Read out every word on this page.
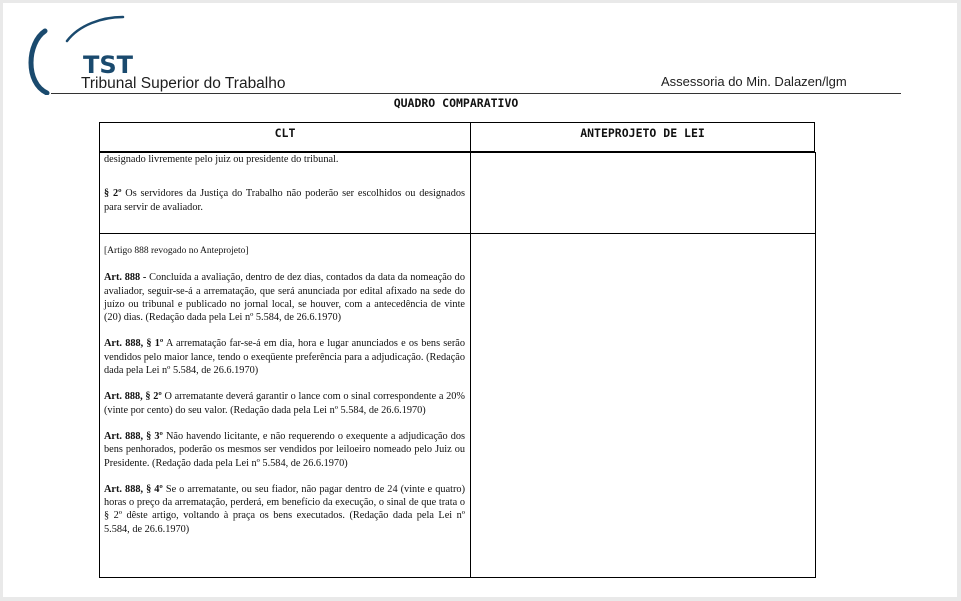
TST
Tribunal Superior do Trabalho	Assessoria do Min. Dalazen/lgm
QUADRO COMPARATIVO
CLT	ANTEPROJETO DE LEI

designado livremente pelo juiz ou presidente do tribunal.

§ 2º Os servidores da Justiça do Trabalho não poderão ser escolhidos ou designados para servir de avaliador.

[Artigo 888 revogado no Anteprojeto]

Art. 888 - Concluída a avaliação, dentro de dez dias, contados da data da nomeação do avaliador, seguir-se-á a arrematação, que será anunciada por edital afixado na sede do juízo ou tribunal e publicado no jornal local, se houver, com a antecedência de vinte (20) dias. (Redação dada pela Lei nº 5.584, de 26.6.1970)

Art. 888, § 1º A arrematação far-se-á em dia, hora e lugar anunciados e os bens serão vendidos pelo maior lance, tendo o exeqüente preferência para a adjudicação. (Redação dada pela Lei nº 5.584, de 26.6.1970)

Art. 888, § 2º O arrematante deverá garantir o lance com o sinal correspondente a 20% (vinte por cento) do seu valor. (Redação dada pela Lei nº 5.584, de 26.6.1970)

Art. 888, § 3º Não havendo licitante, e não requerendo o exequente a adjudicação dos bens penhorados, poderão os mesmos ser vendidos por leiloeiro nomeado pelo Juiz ou Presidente. (Redação dada pela Lei nº 5.584, de 26.6.1970)

Art. 888, § 4º Se o arrematante, ou seu fiador, não pagar dentro de 24 (vinte e quatro) horas o preço da arrematação, perderá, em benefício da execução, o sinal de que trata o § 2º dêste artigo, voltando à praça os bens executados. (Redação dada pela Lei nº 5.584, de 26.6.1970)
